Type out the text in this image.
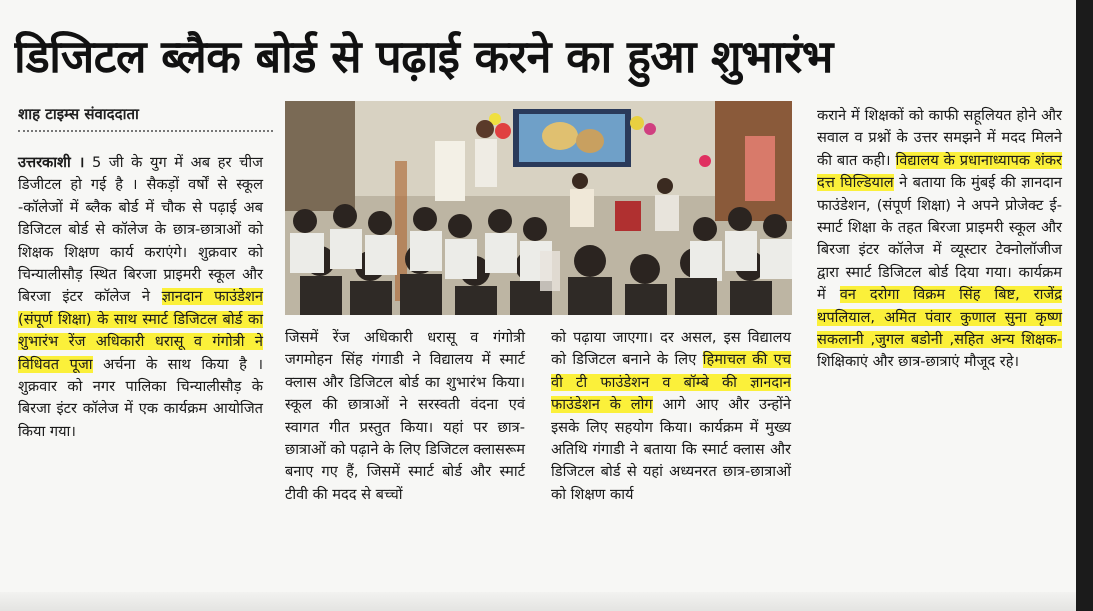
डिजिटल ब्लैक बोर्ड से पढ़ाई करने का हुआ शुभारंभ
शाह टाइम्स संवाददाता

उत्तरकाशी । 5 जी के युग में अब हर चीज डिजीटल हो गई है । सैकड़ों वर्षों से स्कूल -कॉलेजों में ब्लैक बोर्ड में चौक से पढ़ाई अब डिजिटल बोर्ड से कॉलेज के छात्र-छात्राओं को शिक्षक शिक्षण कार्य कराएंगे। शुक्रवार को चिन्यालीसौड़ स्थित बिरजा प्राइमरी स्कूल और बिरजा इंटर कॉलेज ने ज्ञानदान फाउंडेशन (संपूर्ण शिक्षा) के साथ स्मार्ट डिजिटल बोर्ड का शुभारंभ रेंज अधिकारी धरासू व गंगोत्री ने विधिवत पूजा अर्चना के साथ किया है । शुक्रवार को नगर पालिका चिन्यालीसौड़ के बिरजा इंटर कॉलेज में एक कार्यक्रम आयोजित किया गया।

जिसमें रेंज अधिकारी धरासू व गंगोत्री जगमोहन सिंह गंगाडी ने विद्यालय में स्मार्ट क्लास और डिजिटल बोर्ड का शुभारंभ किया। स्कूल की छात्राओं ने सरस्वती वंदना एवं स्वागत गीत प्रस्तुत किया। यहां पर छात्र- छात्राओं को पढ़ाने के लिए डिजिटल क्लासरूम बनाए गए हैं, जिसमें स्मार्ट बोर्ड और स्मार्ट टीवी की मदद से बच्चों

को पढ़ाया जाएगा। दर असल, इस विद्यालय को डिजिटल बनाने के लिए हिमाचल की एच वी टी फाउंडेशन व बॉम्बे की ज्ञानदान फाउंडेशन के लोग आगे आए और उन्होंने इसके लिए सहयोग किया। कार्यक्रम में मुख्य अतिथि गंगाडी ने बताया कि स्मार्ट क्लास और डिजिटल बोर्ड से यहां अध्यनरत छात्र-छात्राओं को शिक्षण कार्य

कराने में शिक्षकों को काफी सहूलियत होने और सवाल व प्रश्नों के उत्तर समझने में मदद मिलने की बात कही। विद्यालय के प्रधानाध्यापक शंकर दत्त घिल्डियाल ने बताया कि मुंबई की ज्ञानदान फाउंडेशन, (संपूर्ण शिक्षा) ने अपने प्रोजेक्ट ई-स्मार्ट शिक्षा के तहत बिरजा प्राइमरी स्कूल और बिरजा इंटर कॉलेज में व्यूस्टार टेक्नोलॉजीज द्वारा स्मार्ट डिजिटल बोर्ड दिया गया। कार्यक्रम में वन दरोगा विक्रम सिंह बिष्ट, राजेंद्र थपलियाल, अमित पंवार कुणाल सुना कृष्ण सकलानी ,जुगल बडोनी ,सहित अन्य शिक्षक- शिक्षिकाएं और छात्र-छात्राएं मौजूद रहे।
